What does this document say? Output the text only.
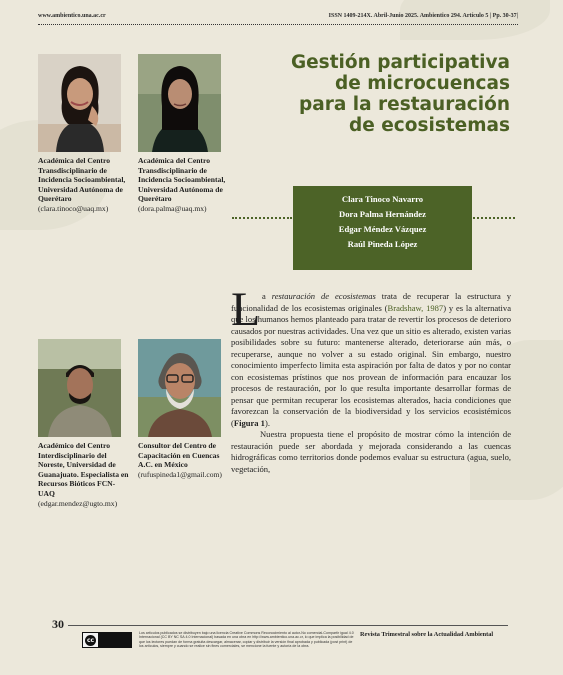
www.ambientico.una.ac.cr	ISSN 1409-214X. Abril-Junio 2025. Ambientico 294. Artículo 5 | Pp. 30-37|
Gestión participativa de microcuencas para la restauración de ecosistemas
Académica del Centro Transdisciplinario de Incidencia Socioambiental, Universidad Autónoma de Querétaro (clara.tinoco@uaq.mx)
Académica del Centro Transdisciplinario de Incidencia Socioambiental, Universidad Autónoma de Querétaro (dora.palma@uaq.mx)
Académico del Centro Interdisciplinario del Noreste, Universidad de Guanajuato. Especialista en Recursos Bióticos FCN-UAQ (edgar.mendez@ugto.mx)
Consultor del Centro de Capacitación en Cuencas A.C. en México (rufuspineda1@gmail.com)
Clara Tinoco Navarro
Dora Palma Hernández
Edgar Méndez Vázquez
Raúl Pineda López
L a restauración de ecosistemas trata de recuperar la estructura y funcionalidad de los ecosistemas originales (Bradshaw, 1987) y es la alternativa que los humanos hemos planteado para tratar de revertir los procesos de deterioro causados por nuestras actividades. Una vez que un sitio es alterado, existen varias posibilidades sobre su futuro: mantenerse alterado, deteriorarse aún más, o recuperarse, aunque no volver a su estado original. Sin embargo, nuestro conocimiento imperfecto limita esta aspiración por falta de datos y por no contar con ecosistemas prístinos que nos provean de información para encauzar los procesos de restauración, por lo que resulta importante desarrollar formas de pensar que permitan recuperar los ecosistemas alterados, hacia condiciones que favorezcan la conservación de la biodiversidad y los servicios ecosistémicos (Figura 1).

Nuestra propuesta tiene el propósito de mostrar cómo la intención de restauración puede ser abordada y mejorada considerando a las cuencas hidrográficas como territorios donde podemos evaluar su estructura (agua, suelo, vegetación,

30
cc
Los artículos publicados se distribuyen bajo una licencia Creative Commons Reconocimiento al autor-No comercial-Compartir igual 4.0 Internacional (CC BY NC SA 4.0 Internacional) basada en una obra en http://www.ambientico.una.ac.cr, lo que implica la posibilidad de que los lectores puedan de forma gratuita descargar, almacenar, copiar y distribuir la versión final aprobada y publicada (post print) de los artículos, siempre y cuando se realice sin fines comerciales, se mencione la fuente y autoría de la obra.
Revista Trimestral sobre la Actualidad Ambiental
